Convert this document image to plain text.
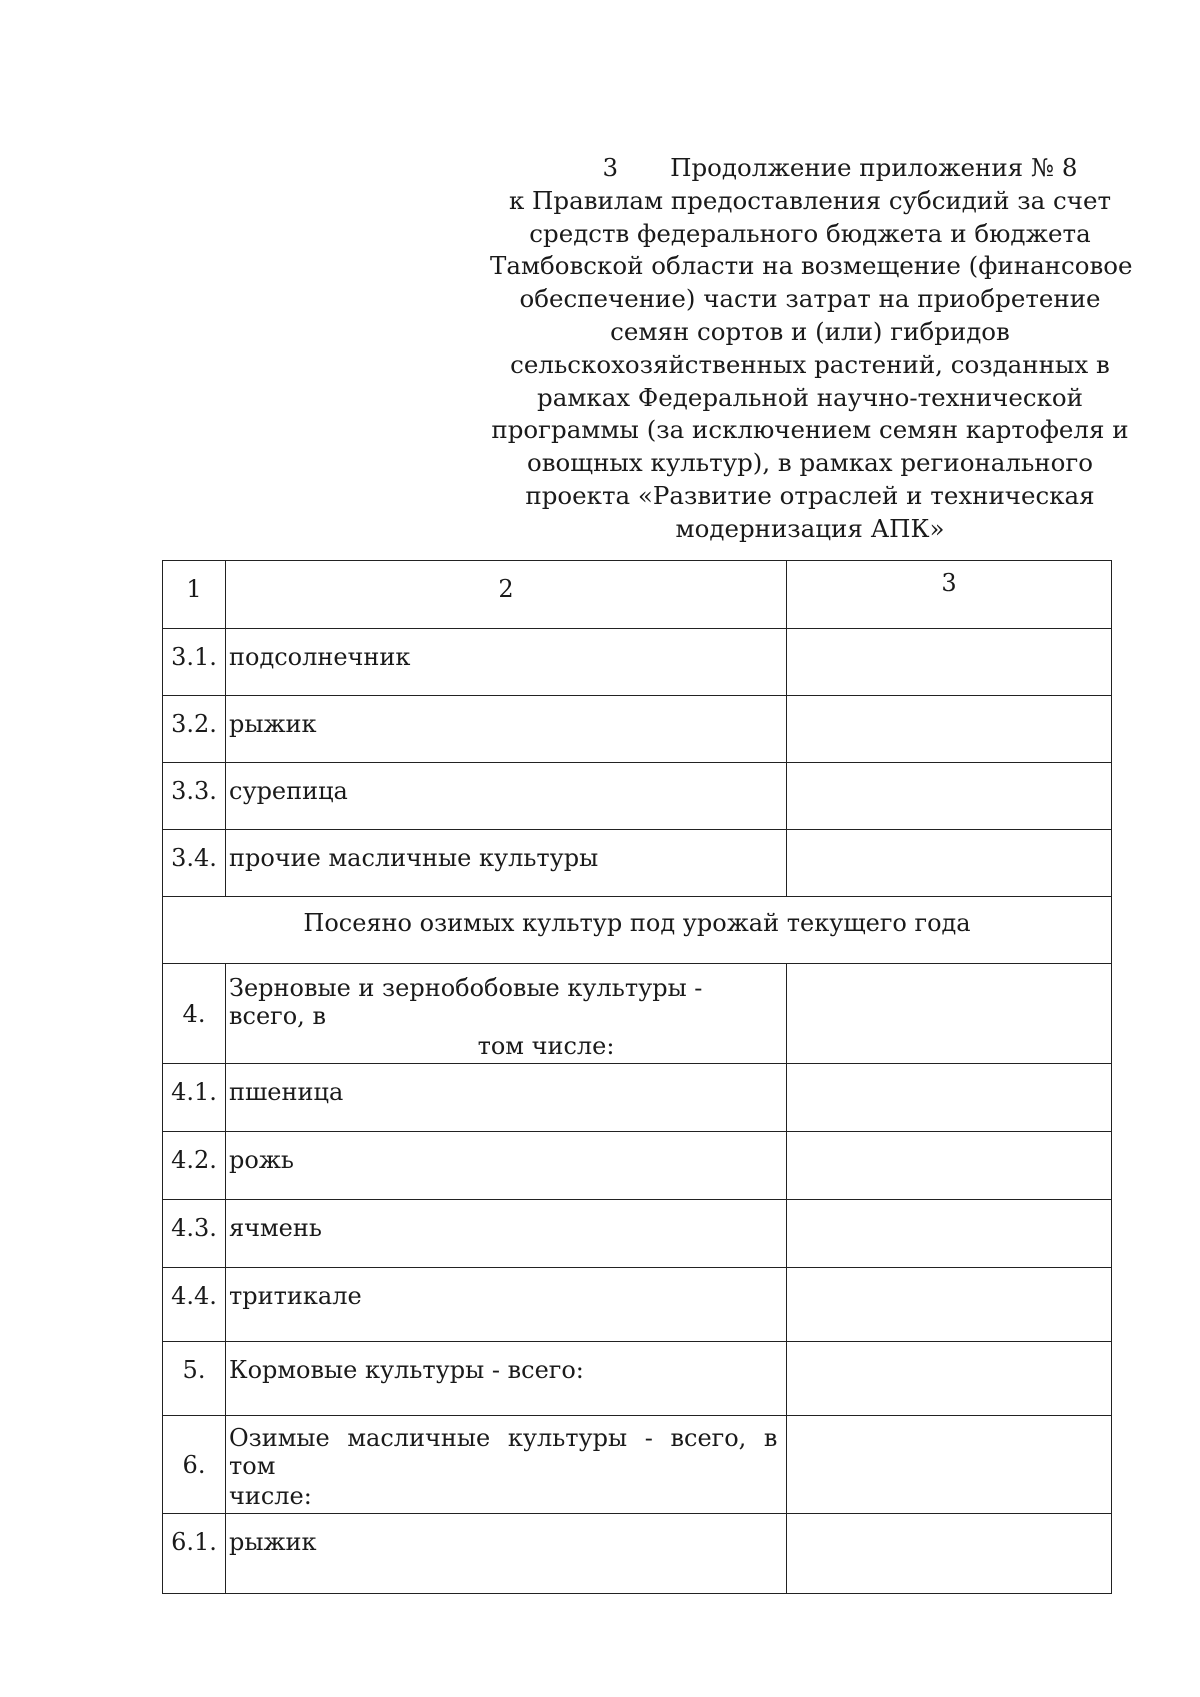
3 Продолжение приложения № 8
к Правилам предоставления субсидий за счет
средств федерального бюджета и бюджета
Тамбовской области на возмещение (финансовое
обеспечение) части затрат на приобретение
семян сортов и (или) гибридов
сельскохозяйственных растений, созданных в
рамках Федеральной научно-технической
программы (за исключением семян картофеля и
овощных культур), в рамках регионального
проекта «Развитие отраслей и техническая
модернизация АПК»
1	2	3

3.1.	подсолнечник	

3.2.	рыжик	

3.3.	сурепица	

3.4.	прочие масличные культуры	

Посеяно озимых культур под урожай текущего года		

4.	Зерновые и зернобобовые культуры - всего, в
том числе:	

4.1.	пшеница	

4.2.	рожь	

4.3.	ячмень	

4.4.	тритикале	

5.	Кормовые культуры - всего:	

6.	Озимые масличные культуры - всего, в том
числе:	

6.1.	рыжик	
